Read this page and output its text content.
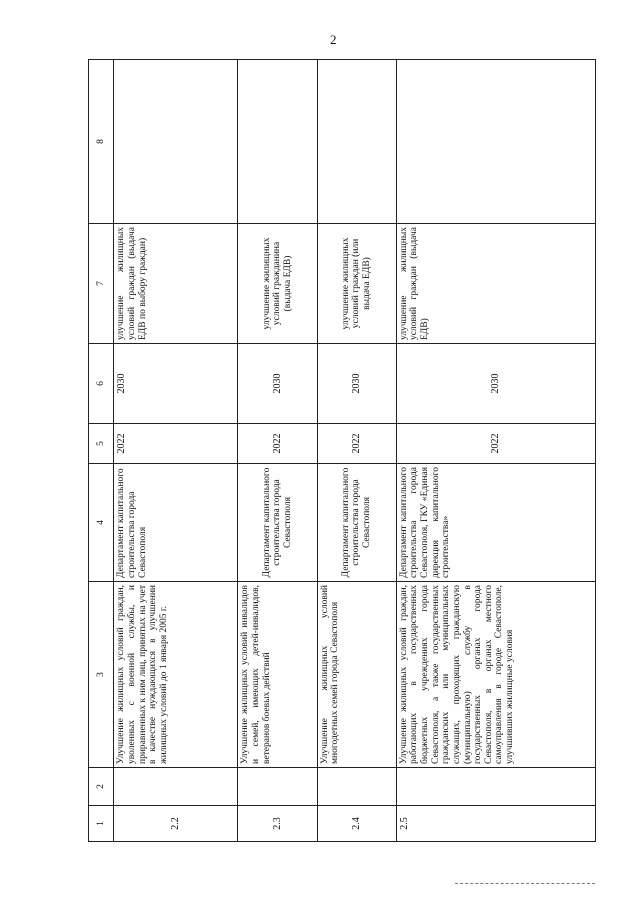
2
1	2	3	4	5	6	7	8
2.2		Улучшение жилищных условий граждан, уволенных с военной службы, и приравненных к ним лиц, принятых на учет в качестве нуждающихся в улучшении жилищных условий до 1 января 2005 г.	Департамент капитального строительства города Севастополя	2022	2030	улучшение жилищных условий граждан (выдача ЕДВ по выбору граждан)	
2.3		Улучшение жилищных условий инвалидов и семей, имеющих детей-инвалидов, ветеранов боевых действий	Департамент капитального строительства города Севастополя	2022	2030	улучшение жилищных условий гражданина (выдача ЕДВ)	
2.4		Улучшение жилищных условий многодетных семей города Севастополя	Департамент капитального строительства города Севастополя	2022	2030	улучшение жилищных условий граждан (или выдача ЕДВ)	
2.5		Улучшение жилищных условий граждан, работающих в государственных бюджетных учреждениях города Севастополя, а также государственных гражданских или муниципальных служащих, проходящих гражданскую (муниципальную) службу в государственных органах города Севастополя, в органах местного самоуправления в городе Севастополе, улучшивших жилищные условия	Департамент капитального строительства города Севастополя, ГКУ «Единая дирекция капитального строительства»	2022	2030	улучшение жилищных условий граждан (выдача ЕДВ)	
